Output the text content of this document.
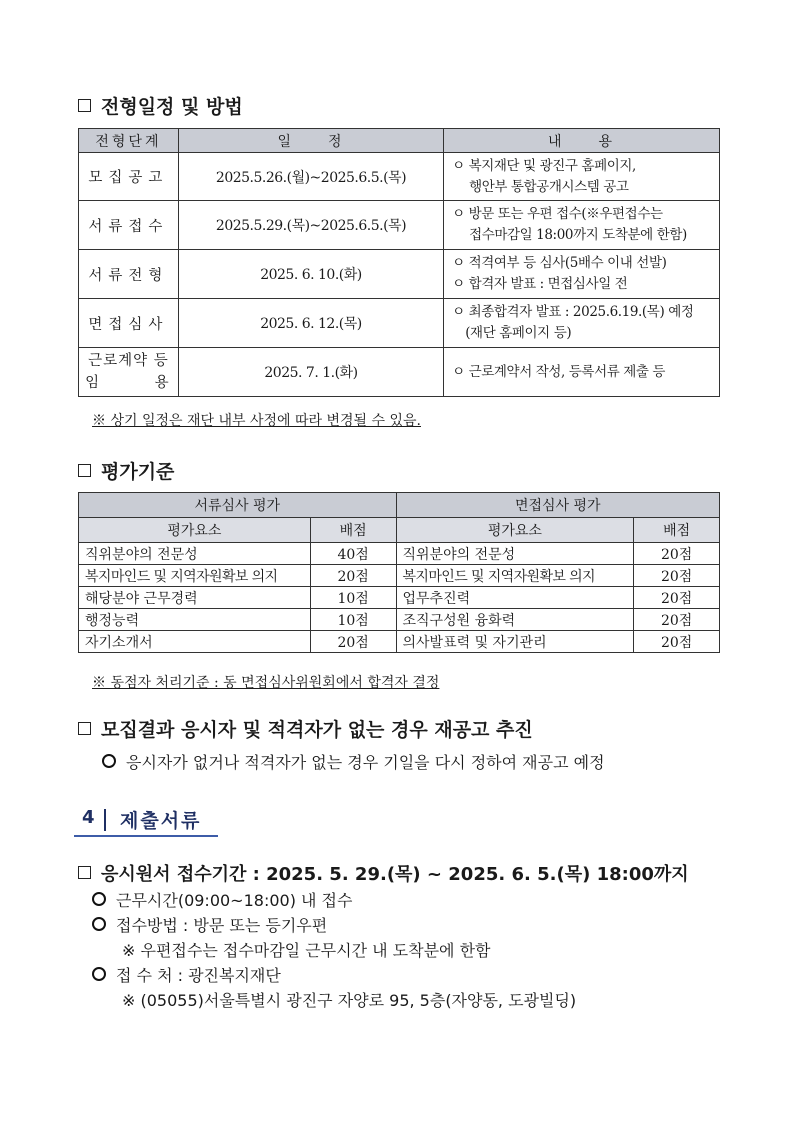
전형일정 및 방법
전형단계	일　　정	내　　용
모집공고	2025.5.26.(월)~2025.6.5.(목)	ㅇ 복지재단 및 광진구 홈페이지,
　 행안부 통합공개시스템 공고

서류접수	2025.5.29.(목)~2025.6.5.(목)	ㅇ 방문 또는 우편 접수(※우편접수는
　 접수마감일 18:00까지 도착분에 한함)

서류전형	2025. 6. 10.(화)	ㅇ 적격여부 등 심사(5배수 이내 선발)
ㅇ 합격자 발표 : 면접심사일 전

면접심사	2025. 6. 12.(목)	ㅇ 최종합격자 발표 : 2025.6.19.(목) 예정
　(재단 홈페이지 등)

근로계약 등
임　　　용	2025. 7. 1.(화)	ㅇ 근로계약서 작성, 등록서류 제출 등
※ 상기 일정은 재단 내부 사정에 따라 변경될 수 있음.
평가기준
서류심사 평가		면접심사 평가	
평가요소	배점	평가요소	배점
직위분야의 전문성	40점	직위분야의 전문성	20점
복지마인드 및 지역자원확보 의지	20점	복지마인드 및 지역자원확보 의지	20점
해당분야 근무경력	10점	업무추진력	20점
행정능력	10점	조직구성원 융화력	20점
자기소개서	20점	의사발표력 및 자기관리	20점
※ 동점자 처리기준 : 동 면접심사위원회에서 합격자 결정
모집결과 응시자 및 적격자가 없는 경우 재공고 추진
응시자가 없거나 적격자가 없는 경우 기일을 다시 정하여 재공고 예정
4 제출서류
응시원서 접수기간 : 2025. 5. 29.(목) ~ 2025. 6. 5.(목) 18:00까지
근무시간(09:00~18:00) 내 접수
접수방법 : 방문 또는 등기우편
※ 우편접수는 접수마감일 근무시간 내 도착분에 한함
접 수 처 : 광진복지재단
※ (05055)서울특별시 광진구 자양로 95, 5층(자양동, 도광빌딩)
